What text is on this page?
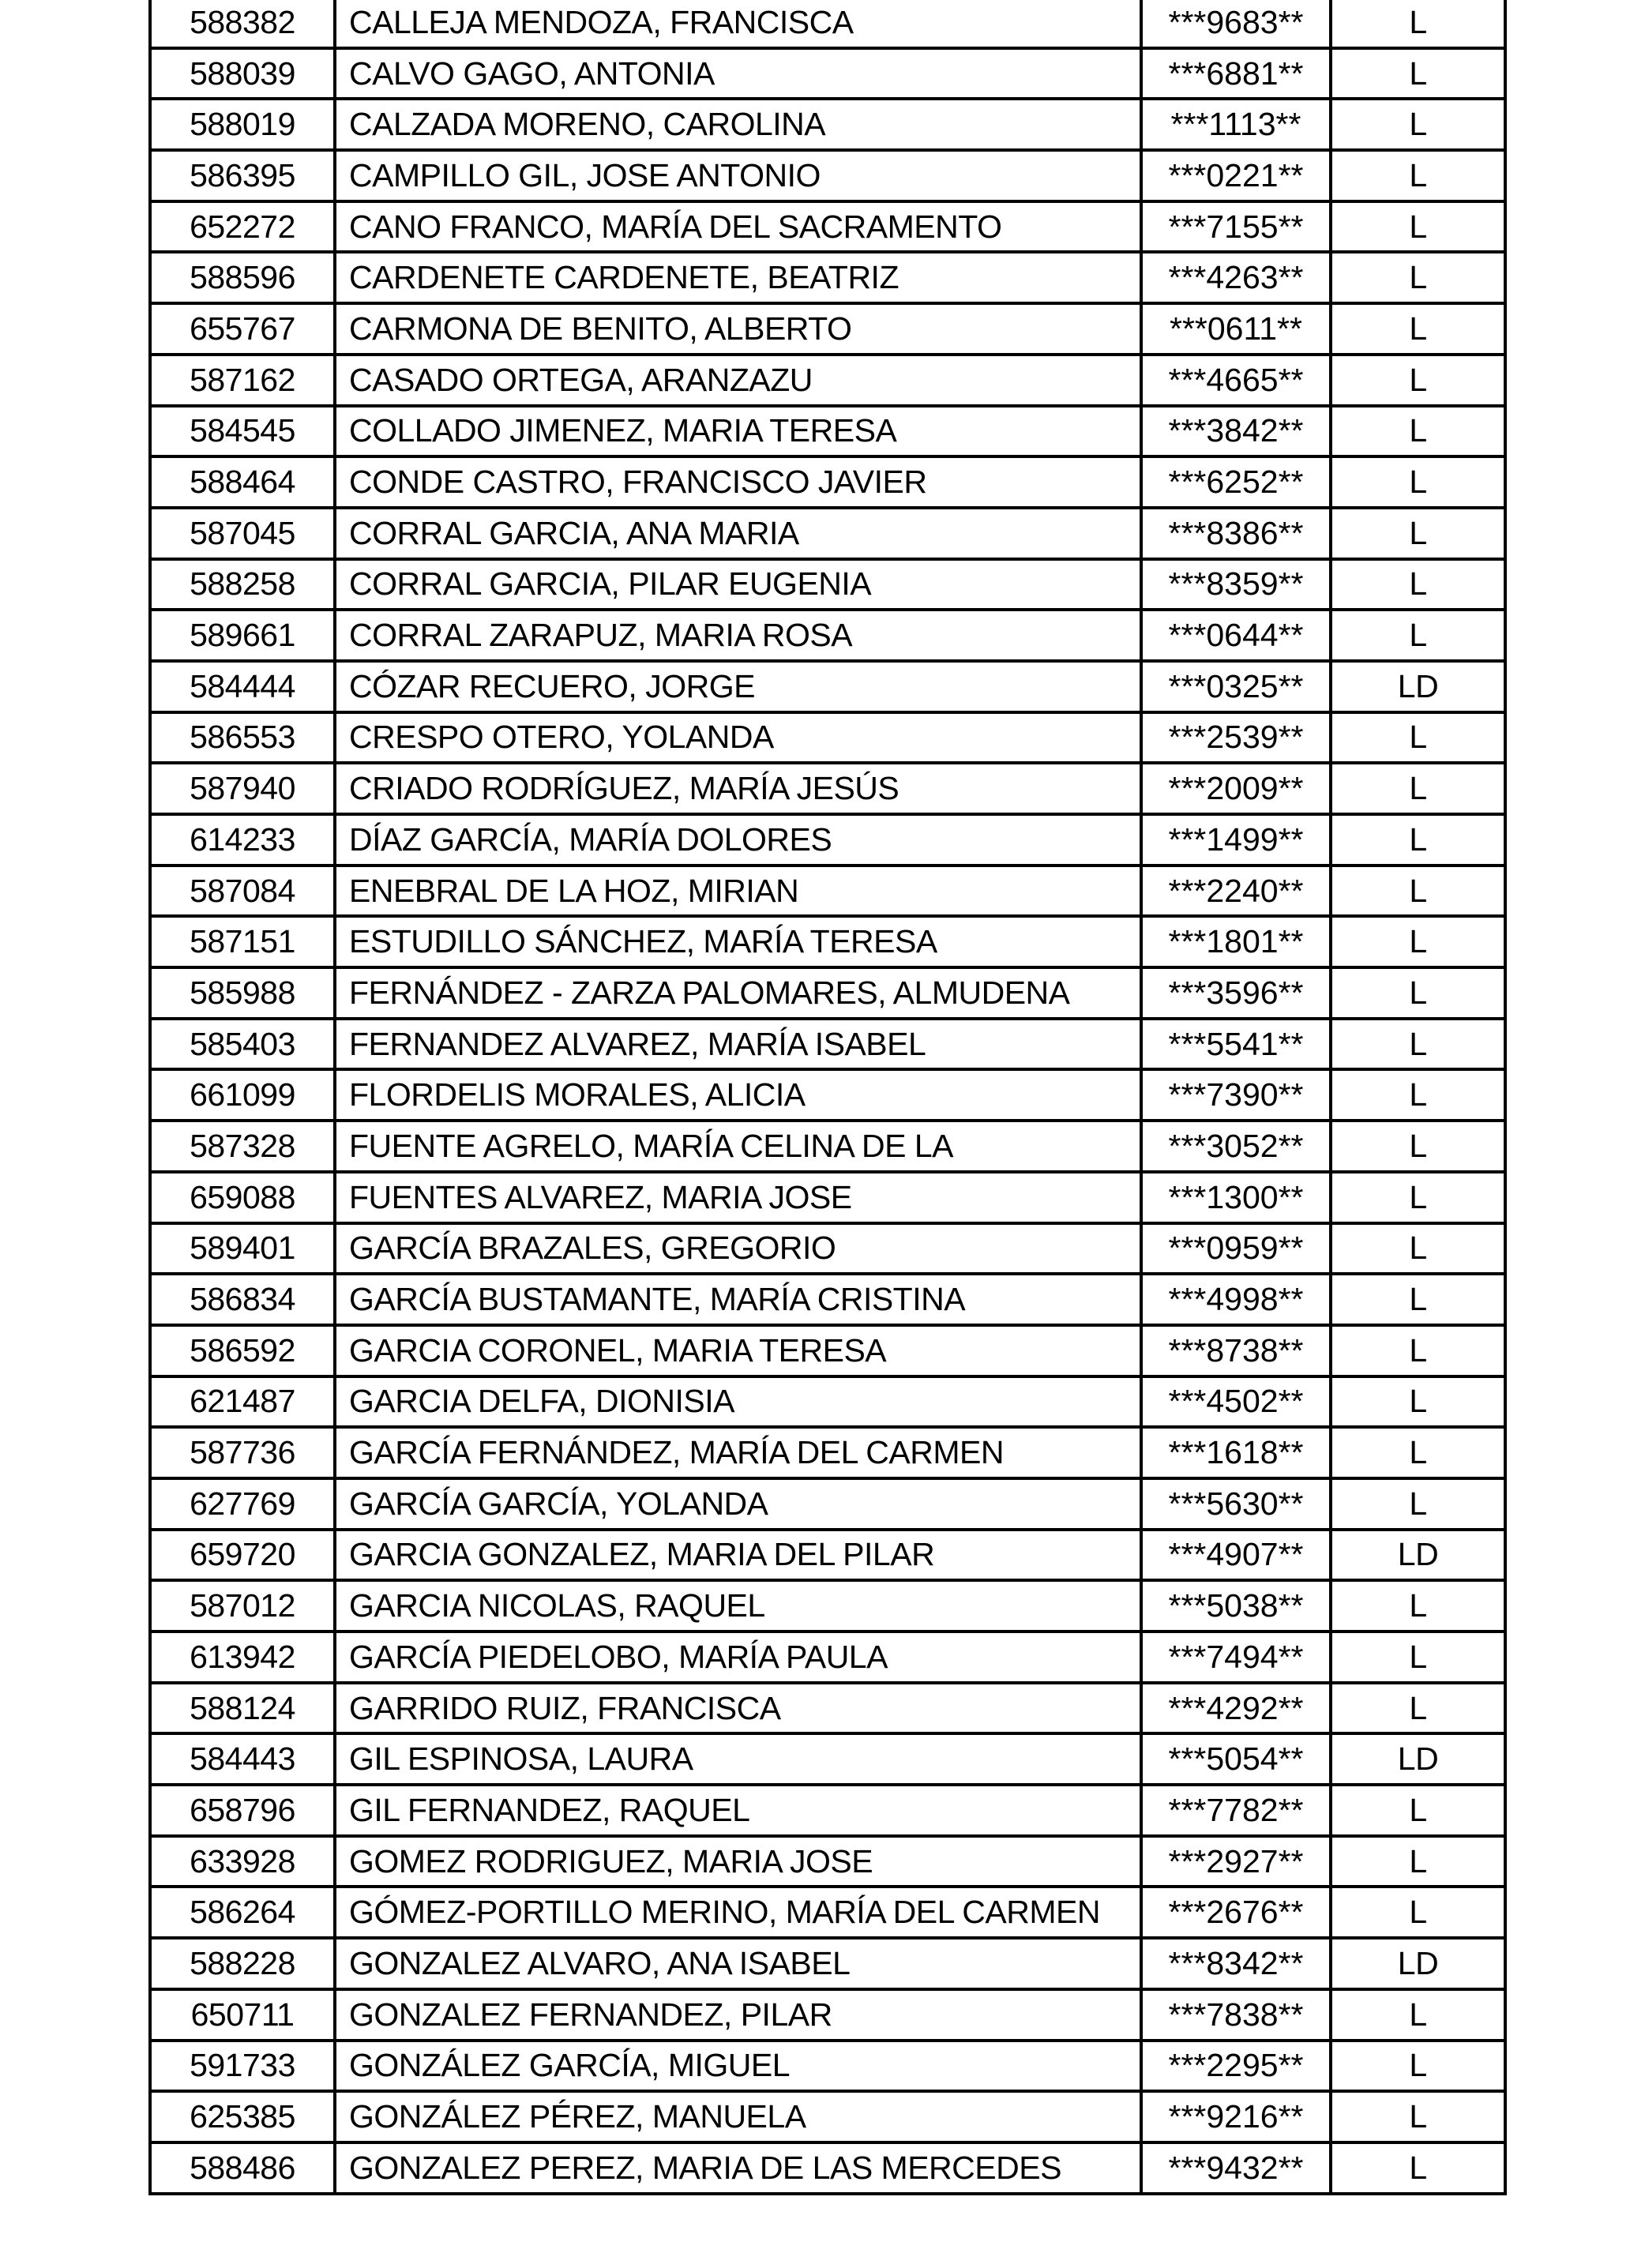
588382	CALLEJA MENDOZA, FRANCISCA	***9683**	L
588039	CALVO GAGO, ANTONIA	***6881**	L
588019	CALZADA MORENO, CAROLINA	***1113**	L
586395	CAMPILLO GIL, JOSE ANTONIO	***0221**	L
652272	CANO FRANCO, MARÍA DEL SACRAMENTO	***7155**	L
588596	CARDENETE CARDENETE, BEATRIZ	***4263**	L
655767	CARMONA DE BENITO, ALBERTO	***0611**	L
587162	CASADO ORTEGA, ARANZAZU	***4665**	L
584545	COLLADO JIMENEZ, MARIA TERESA	***3842**	L
588464	CONDE CASTRO, FRANCISCO JAVIER	***6252**	L
587045	CORRAL GARCIA, ANA MARIA	***8386**	L
588258	CORRAL GARCIA, PILAR EUGENIA	***8359**	L
589661	CORRAL ZARAPUZ, MARIA ROSA	***0644**	L
584444	CÓZAR RECUERO, JORGE	***0325**	LD
586553	CRESPO OTERO, YOLANDA	***2539**	L
587940	CRIADO RODRÍGUEZ, MARÍA JESÚS	***2009**	L
614233	DÍAZ GARCÍA, MARÍA DOLORES	***1499**	L
587084	ENEBRAL DE LA HOZ, MIRIAN	***2240**	L
587151	ESTUDILLO SÁNCHEZ, MARÍA TERESA	***1801**	L
585988	FERNÁNDEZ - ZARZA PALOMARES, ALMUDENA	***3596**	L
585403	FERNANDEZ ALVAREZ, MARÍA ISABEL	***5541**	L
661099	FLORDELIS MORALES, ALICIA	***7390**	L
587328	FUENTE AGRELO, MARÍA CELINA DE LA	***3052**	L
659088	FUENTES ALVAREZ, MARIA JOSE	***1300**	L
589401	GARCÍA BRAZALES, GREGORIO	***0959**	L
586834	GARCÍA BUSTAMANTE, MARÍA CRISTINA	***4998**	L
586592	GARCIA CORONEL, MARIA TERESA	***8738**	L
621487	GARCIA DELFA, DIONISIA	***4502**	L
587736	GARCÍA FERNÁNDEZ, MARÍA DEL CARMEN	***1618**	L
627769	GARCÍA GARCÍA, YOLANDA	***5630**	L
659720	GARCIA GONZALEZ, MARIA DEL PILAR	***4907**	LD
587012	GARCIA NICOLAS, RAQUEL	***5038**	L
613942	GARCÍA PIEDELOBO, MARÍA PAULA	***7494**	L
588124	GARRIDO RUIZ, FRANCISCA	***4292**	L
584443	GIL ESPINOSA, LAURA	***5054**	LD
658796	GIL FERNANDEZ, RAQUEL	***7782**	L
633928	GOMEZ RODRIGUEZ, MARIA JOSE	***2927**	L
586264	GÓMEZ-PORTILLO MERINO, MARÍA DEL CARMEN	***2676**	L
588228	GONZALEZ ALVARO, ANA ISABEL	***8342**	LD
650711	GONZALEZ FERNANDEZ, PILAR	***7838**	L
591733	GONZÁLEZ GARCÍA, MIGUEL	***2295**	L
625385	GONZÁLEZ PÉREZ, MANUELA	***9216**	L
588486	GONZALEZ PEREZ, MARIA DE LAS MERCEDES	***9432**	L
